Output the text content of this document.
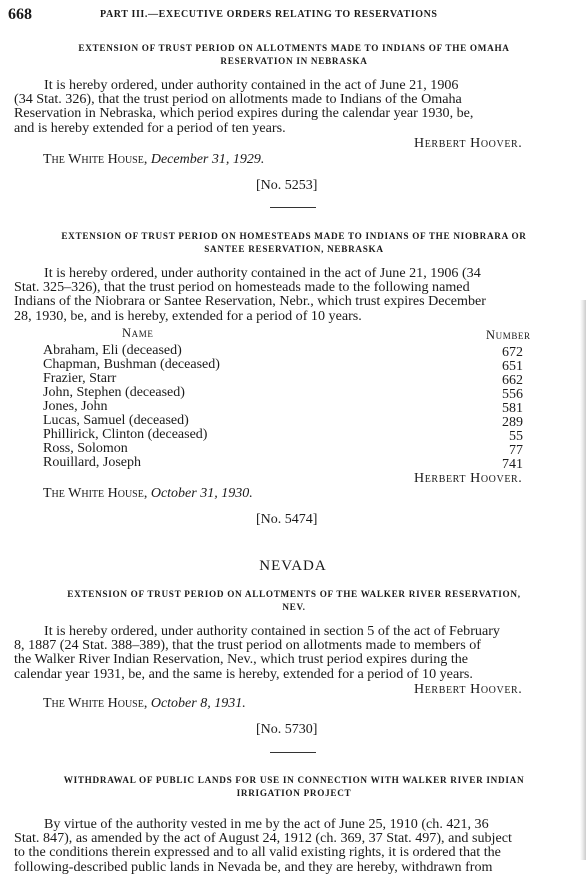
668	PART III.—EXECUTIVE ORDERS RELATING TO RESERVATIONS
EXTENSION OF TRUST PERIOD ON ALLOTMENTS MADE TO INDIANS OF THE OMAHA
RESERVATION IN NEBRASKA
It is hereby ordered, under authority contained in the act of June 21, 1906
(34 Stat. 326), that the trust period on allotments made to Indians of the Omaha
Reservation in Nebraska, which period expires during the calendar year 1930, be,
and is hereby extended for a period of ten years.
Herbert Hoover.
The White House, December 31, 1929.
[No. 5253]
EXTENSION OF TRUST PERIOD ON HOMESTEADS MADE TO INDIANS OF THE NIOBRARA OR
SANTEE RESERVATION, NEBRASKA
It is hereby ordered, under authority contained in the act of June 21, 1906 (34
Stat. 325–326), that the trust period on homesteads made to the following named
Indians of the Niobrara or Santee Reservation, Nebr., which trust expires December
28, 1930, be, and is hereby, extended for a period of 10 years.
Name	Number
Abraham, Eli (deceased)	672
Chapman, Bushman (deceased)	651
Frazier, Starr	662
John, Stephen (deceased)	556
Jones, John	581
Lucas, Samuel (deceased)	289
Phillirick, Clinton (deceased)	55
Ross, Solomon	77
Rouillard, Joseph	741
Herbert Hoover.
The White House, October 31, 1930.
[No. 5474]
NEVADA
EXTENSION OF TRUST PERIOD ON ALLOTMENTS OF THE WALKER RIVER RESERVATION,
NEV.
It is hereby ordered, under authority contained in section 5 of the act of February
8, 1887 (24 Stat. 388–389), that the trust period on allotments made to members of
the Walker River Indian Reservation, Nev., which trust period expires during the
calendar year 1931, be, and the same is hereby, extended for a period of 10 years.
Herbert Hoover.
The White House, October 8, 1931.
[No. 5730]
WITHDRAWAL OF PUBLIC LANDS FOR USE IN CONNECTION WITH WALKER RIVER INDIAN
IRRIGATION PROJECT
By virtue of the authority vested in me by the act of June 25, 1910 (ch. 421, 36
Stat. 847), as amended by the act of August 24, 1912 (ch. 369, 37 Stat. 497), and subject
to the conditions therein expressed and to all valid existing rights, it is ordered that the
following-described public lands in Nevada be, and they are hereby, withdrawn from
